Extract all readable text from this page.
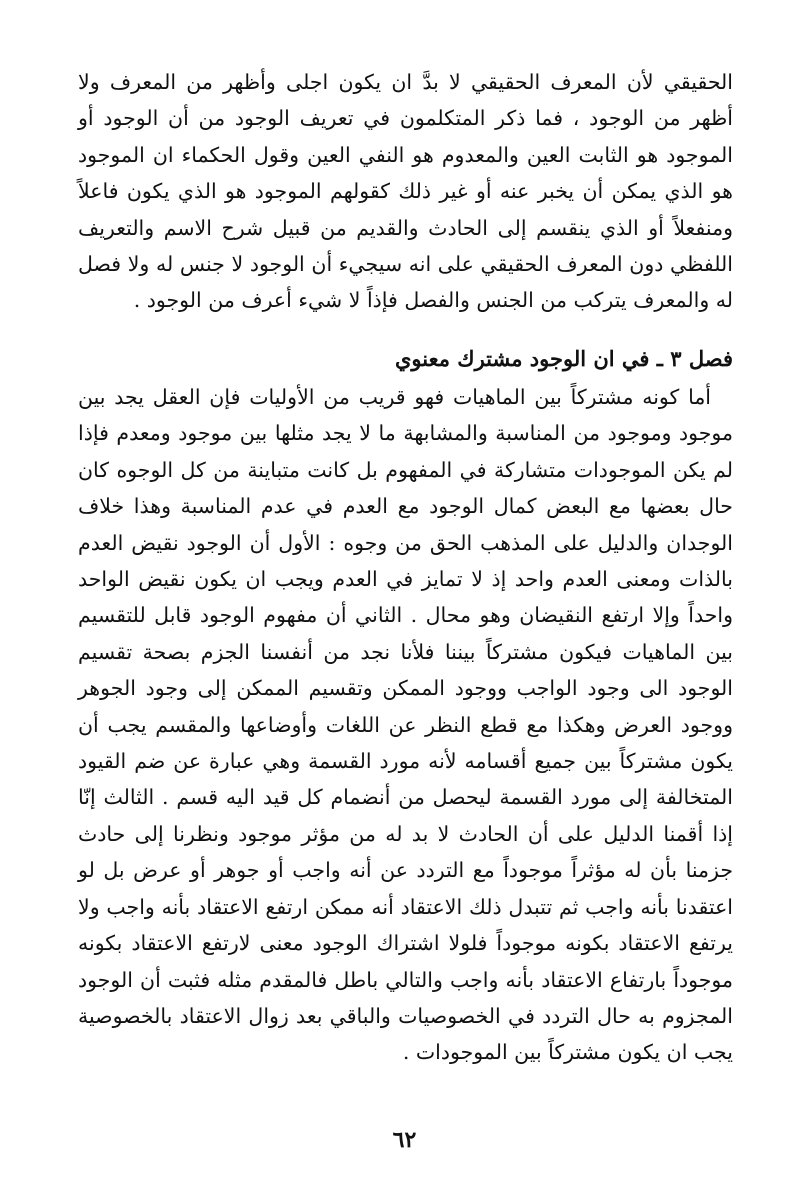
الحقيقي لأن المعرف الحقيقي لا بدَّ ان يكون اجلى وأظهر من المعرف ولا أظهر من الوجود ، فما ذكر المتكلمون في تعريف الوجود من أن الوجود أو الموجود هو الثابت العين والمعدوم هو النفي العين وقول الحكماء ان الموجود هو الذي يمكن أن يخبر عنه أو غير ذلك كقولهم الموجود هو الذي يكون فاعلاً ومنفعلاً أو الذي ينقسم إلى الحادث والقديم من قبيل شرح الاسم والتعريف اللفظي دون المعرف الحقيقي على انه سيجيء أن الوجود لا جنس له ولا فصل له والمعرف يتركب من الجنس والفصل فإذاً لا شيء أعرف من الوجود .

فصل ٣ ـ في ان الوجود مشترك معنوي

أما كونه مشتركاً بين الماهيات فهو قريب من الأوليات فإن العقل يجد بين موجود وموجود من المناسبة والمشابهة ما لا يجد مثلها بين موجود ومعدم فإذا لم يكن الموجودات متشاركة في المفهوم بل كانت متباينة من كل الوجوه كان حال بعضها مع البعض كمال الوجود مع العدم في عدم المناسبة وهذا خلاف الوجدان والدليل على المذهب الحق من وجوه : الأول أن الوجود نقيض العدم بالذات ومعنى العدم واحد إذ لا تمايز في العدم ويجب ان يكون نقيض الواحد واحداً وإلا ارتفع النقيضان وهو محال . الثاني أن مفهوم الوجود قابل للتقسيم بين الماهيات فيكون مشتركاً بيننا فلأنا نجد من أنفسنا الجزم بصحة تقسيم الوجود الى وجود الواجب ووجود الممكن وتقسيم الممكن إلى وجود الجوهر ووجود العرض وهكذا مع قطع النظر عن اللغات وأوضاعها والمقسم يجب أن يكون مشتركاً بين جميع أقسامه لأنه مورد القسمة وهي عبارة عن ضم القيود المتخالفة إلى مورد القسمة ليحصل من أنضمام كل قيد اليه قسم . الثالث إنّا إذا أقمنا الدليل على أن الحادث لا بد له من مؤثر موجود ونظرنا إلى حادث جزمنا بأن له مؤثراً موجوداً مع التردد عن أنه واجب أو جوهر أو عرض بل لو اعتقدنا بأنه واجب ثم تتبدل ذلك الاعتقاد أنه ممكن ارتفع الاعتقاد بأنه واجب ولا يرتفع الاعتقاد بكونه موجوداً فلولا اشتراك الوجود معنى لارتفع الاعتقاد بكونه موجوداً بارتفاع الاعتقاد بأنه واجب والتالي باطل فالمقدم مثله فثبت أن الوجود المجزوم به حال التردد في الخصوصيات والباقي بعد زوال الاعتقاد بالخصوصية يجب ان يكون مشتركاً بين الموجودات .

٦٢
